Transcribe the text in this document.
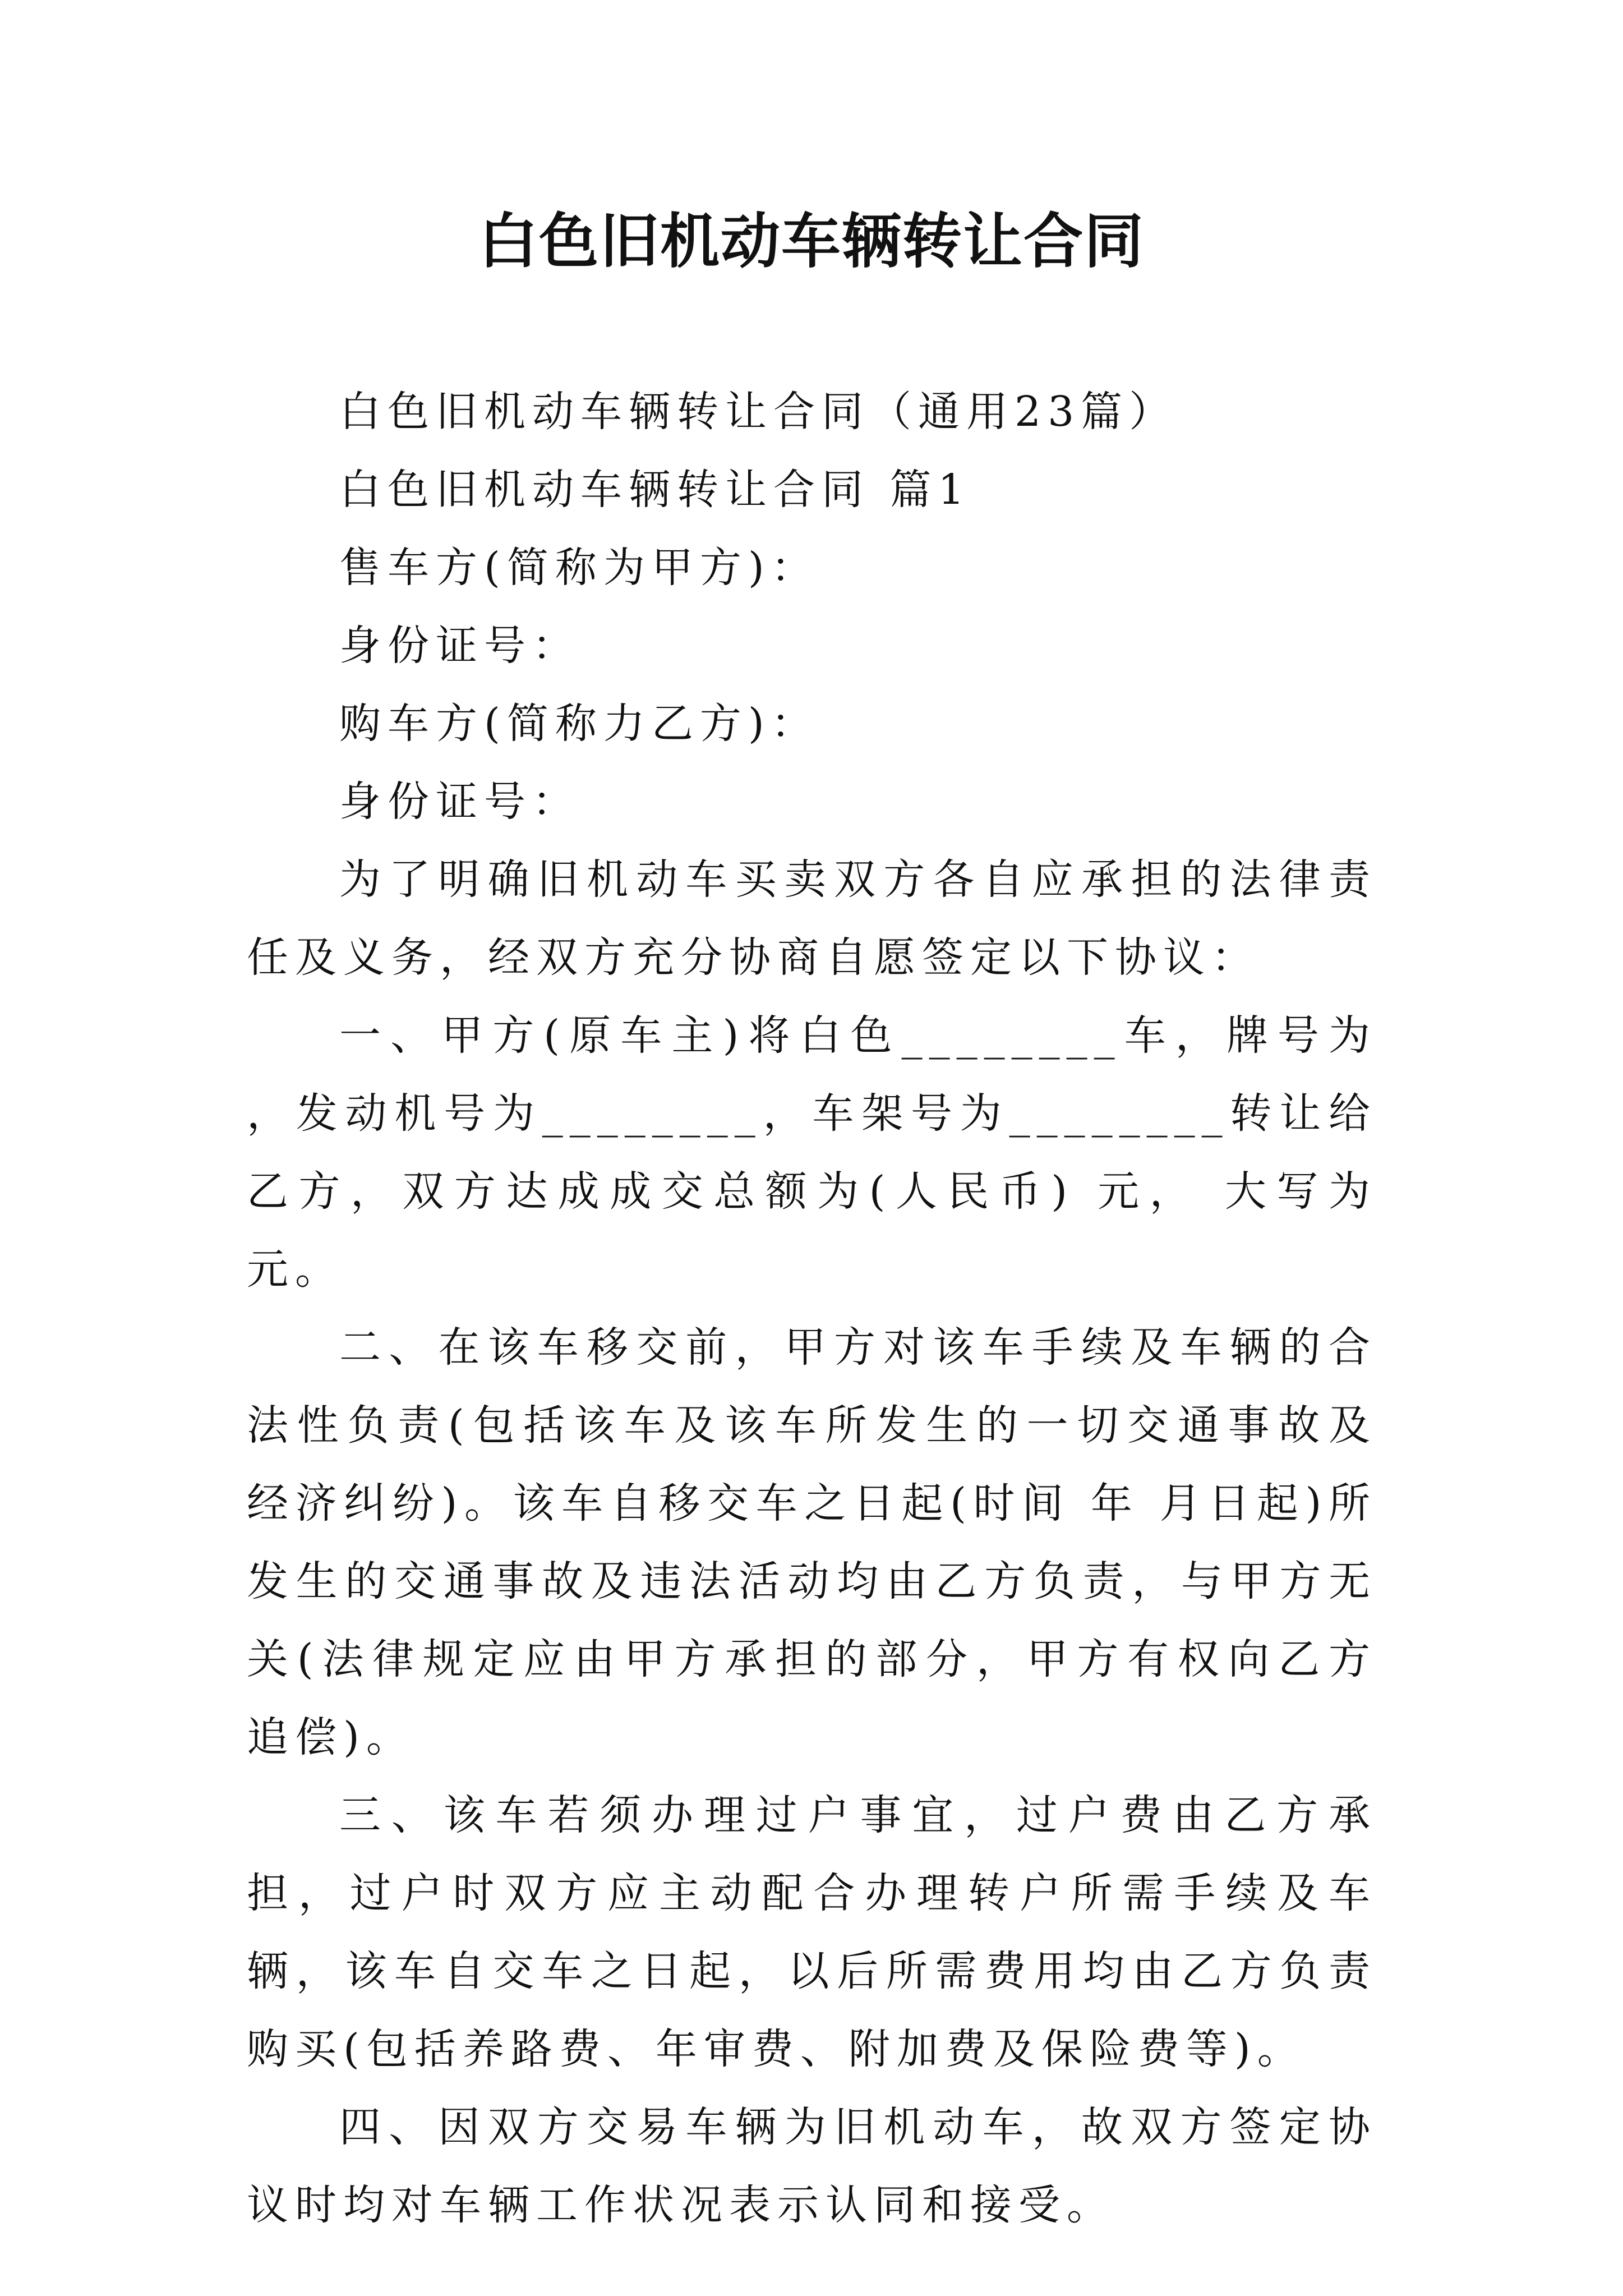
白色旧机动车辆转让合同

白色旧机动车辆转让合同（通用23篇）

白色旧机动车辆转让合同 篇1

售车方(简称为甲方)：

身份证号：

购车方(简称力乙方)：

身份证号：

为了明确旧机动车买卖双方各自应承担的法律责任及义务，经双方充分协商自愿签定以下协议：

一、甲方(原车主)将白色________车，牌号为 ，发动机号为________，车架号为________转让给乙方，双方达成成交总额为(人民币) 元， 大写为 元。

二、在该车移交前，甲方对该车手续及车辆的合法性负责(包括该车及该车所发生的一切交通事故及经济纠纷)。该车自移交车之日起(时间 年 月日起)所发生的交通事故及违法活动均由乙方负责，与甲方无关(法律规定应由甲方承担的部分，甲方有权向乙方追偿)。

三、该车若须办理过户事宜，过户费由乙方承担，过户时双方应主动配合办理转户所需手续及车辆，该车自交车之日起，以后所需费用均由乙方负责购买(包括养路费、年审费、附加费及保险费等)。

四、因双方交易车辆为旧机动车，故双方签定协议时均对车辆工作状况表示认同和接受。
